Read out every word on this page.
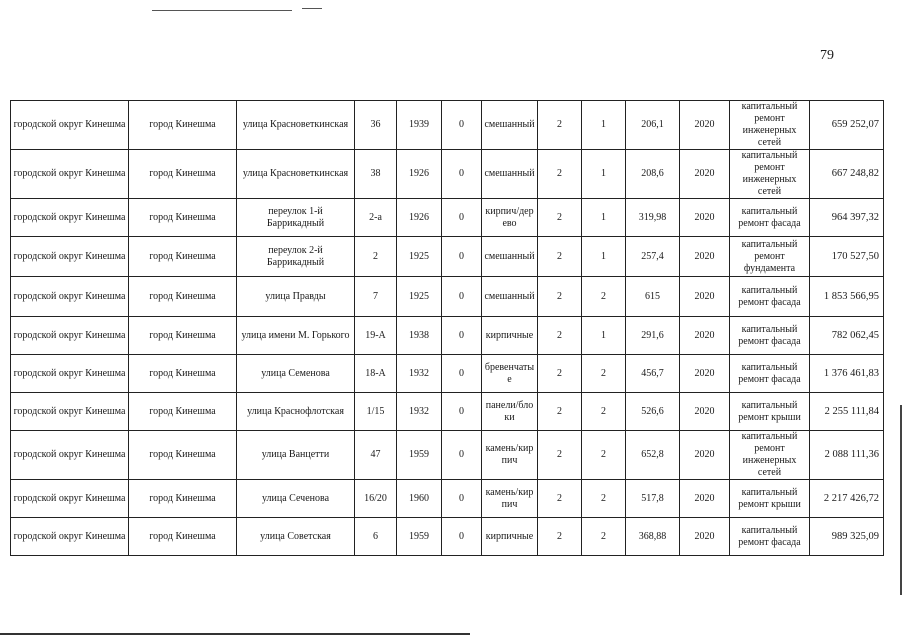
79
городской округ Кинешма	город Кинешма	улица Красноветкинская	36	1939	0	смешанный	2	1	206,1	2020	капитальный ремонт инженерных сетей	659 252,07
городской округ Кинешма	город Кинешма	улица Красноветкинская	38	1926	0	смешанный	2	1	208,6	2020	капитальный ремонт инженерных сетей	667 248,82
городской округ Кинешма	город Кинешма	переулок 1-й Баррикадный	2-а	1926	0	кирпич/дерево	2	1	319,98	2020	капитальный ремонт фасада	964 397,32
городской округ Кинешма	город Кинешма	переулок 2-й Баррикадный	2	1925	0	смешанный	2	1	257,4	2020	капитальный ремонт фундамента	170 527,50
городской округ Кинешма	город Кинешма	улица Правды	7	1925	0	смешанный	2	2	615	2020	капитальный ремонт фасада	1 853 566,95
городской округ Кинешма	город Кинешма	улица имени М. Горького	19-А	1938	0	кирпичные	2	1	291,6	2020	капитальный ремонт фасада	782 062,45
городской округ Кинешма	город Кинешма	улица Семенова	18-А	1932	0	бревенчатые	2	2	456,7	2020	капитальный ремонт фасада	1 376 461,83
городской округ Кинешма	город Кинешма	улица Краснофлотская	1/15	1932	0	панели/блоки	2	2	526,6	2020	капитальный ремонт крыши	2 255 111,84
городской округ Кинешма	город Кинешма	улица Ванцетти	47	1959	0	камень/кирпич	2	2	652,8	2020	капитальный ремонт инженерных сетей	2 088 111,36
городской округ Кинешма	город Кинешма	улица Сеченова	16/20	1960	0	камень/кирпич	2	2	517,8	2020	капитальный ремонт крыши	2 217 426,72
городской округ Кинешма	город Кинешма	улица Советская	6	1959	0	кирпичные	2	2	368,88	2020	капитальный ремонт фасада	989 325,09
